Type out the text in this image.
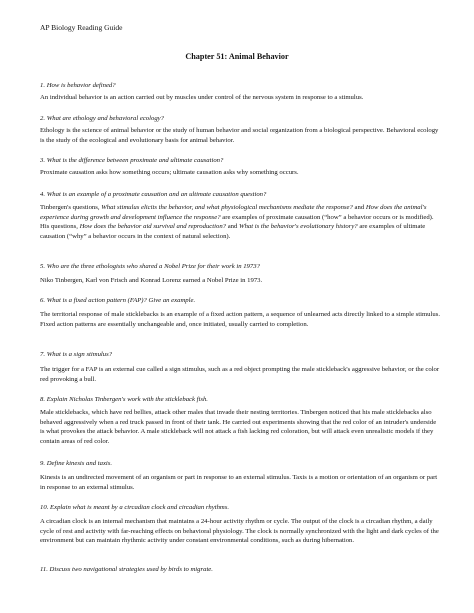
AP Biology Reading Guide
Chapter 51: Animal Behavior
1. How is behavior defined?
An individual behavior is an action carried out by muscles under control of the nervous system in response to a stimulus.
2. What are ethology and behavioral ecology?
Ethology is the science of animal behavior or the study of human behavior and social organization from a biological perspective. Behavioral ecology is the study of the ecological and evolutionary basis for animal behavior.
3. What is the difference between proximate and ultimate causation?
Proximate causation asks how something occurs; ultimate causation asks why something occurs.
4. What is an example of a proximate causation and an ultimate causation question?
Tinbergen's questions, What stimulus elicits the behavior, and what physiological mechanisms mediate the response? and How does the animal's experience during growth and development influence the response? are examples of proximate causation (“how” a behavior occurs or is modified). His questions, How does the behavior aid survival and reproduction? and What is the behavior's evolutionary history? are examples of ultimate causation (“why” a behavior occurs in the context of natural selection).
5. Who are the three ethologists who shared a Nobel Prize for their work in 1973?
Niko Tinbergen, Karl von Frisch and Konrad Lorenz earned a Nobel Prize in 1973.
6. What is a fixed action pattern (FAP)? Give an example.
The territorial response of male sticklebacks is an example of a fixed action pattern, a sequence of unlearned acts directly linked to a simple stimulus. Fixed action patterns are essentially unchangeable and, once initiated, usually carried to completion.
7. What is a sign stimulus?
The trigger for a FAP is an external cue called a sign stimulus, such as a red object prompting the male stickleback's aggressive behavior, or the color red provoking a bull.
8. Explain Nicholas Tinbergen's work with the stickleback fish.
Male sticklebacks, which have red bellies, attack other males that invade their nesting territories. Tinbergen noticed that his male sticklebacks also behaved aggressively when a red truck passed in front of their tank. He carried out experiments showing that the red color of an intruder's underside is what provokes the attack behavior. A male stickleback will not attack a fish lacking red coloration, but will attack even unrealistic models if they contain areas of red color.
9. Define kinesis and taxis.
Kinesis is an undirected movement of an organism or part in response to an external stimulus. Taxis is a motion or orientation of an organism or part in response to an external stimulus.
10. Explain what is meant by a circadian clock and circadian rhythms.
A circadian clock is an internal mechanism that maintains a 24-hour activity rhythm or cycle. The output of the clock is a circadian rhythm, a daily cycle of rest and activity with far-reaching effects on behavioral physiology. The clock is normally synchronized with the light and dark cycles of the environment but can maintain rhythmic activity under constant environmental conditions, such as during hibernation.
11. Discuss two navigational strategies used by birds to migrate.
